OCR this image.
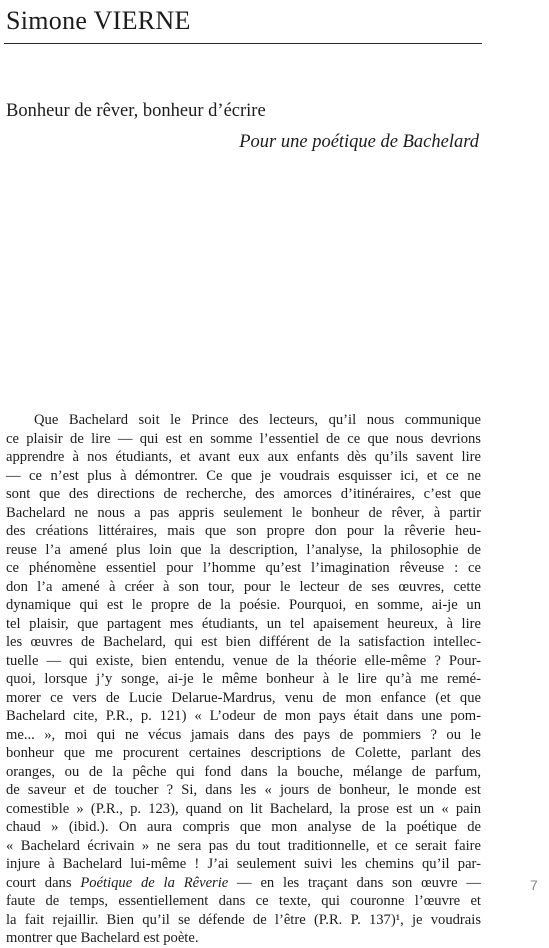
Simone VIERNE
Bonheur de rêver, bonheur d’écrire
Pour une poétique de Bachelard
Que Bachelard soit le Prince des lecteurs, qu’il nous communique
ce plaisir de lire — qui est en somme l’essentiel de ce que nous devrions
apprendre à nos étudiants, et avant eux aux enfants dès qu’ils savent lire
— ce n’est plus à démontrer. Ce que je voudrais esquisser ici, et ce ne
sont que des directions de recherche, des amorces d’itinéraires, c’est que
Bachelard ne nous a pas appris seulement le bonheur de rêver, à partir
des créations littéraires, mais que son propre don pour la rêverie heu-
reuse l’a amené plus loin que la description, l’analyse, la philosophie de
ce phénomène essentiel pour l’homme qu’est l’imagination rêveuse : ce
don l’a amené à créer à son tour, pour le lecteur de ses œuvres, cette
dynamique qui est le propre de la poésie. Pourquoi, en somme, ai-je un
tel plaisir, que partagent mes étudiants, un tel apaisement heureux, à lire
les œuvres de Bachelard, qui est bien différent de la satisfaction intellec-
tuelle — qui existe, bien entendu, venue de la théorie elle-même ? Pour-
quoi, lorsque j’y songe, ai-je le même bonheur à le lire qu’à me remé-
morer ce vers de Lucie Delarue-Mardrus, venu de mon enfance (et que
Bachelard cite, P.R., p. 121) « L’odeur de mon pays était dans une pom-
me... », moi qui ne vécus jamais dans des pays de pommiers ? ou le
bonheur que me procurent certaines descriptions de Colette, parlant des
oranges, ou de la pêche qui fond dans la bouche, mélange de parfum,
de saveur et de toucher ? Si, dans les « jours de bonheur, le monde est
comestible » (P.R., p. 123), quand on lit Bachelard, la prose est un « pain
chaud » (ibid.). On aura compris que mon analyse de la poétique de
« Bachelard écrivain » ne sera pas du tout traditionnelle, et ce serait faire
injure à Bachelard lui-même ! J’ai seulement suivi les chemins qu’il par-
court dans Poétique de la Rêverie — en les traçant dans son œuvre —
faute de temps, essentiellement dans ce texte, qui couronne l’œuvre et
la fait rejaillir. Bien qu’il se défende de l’être (P.R. P. 137)¹, je voudrais
montrer que Bachelard est poète.
7
